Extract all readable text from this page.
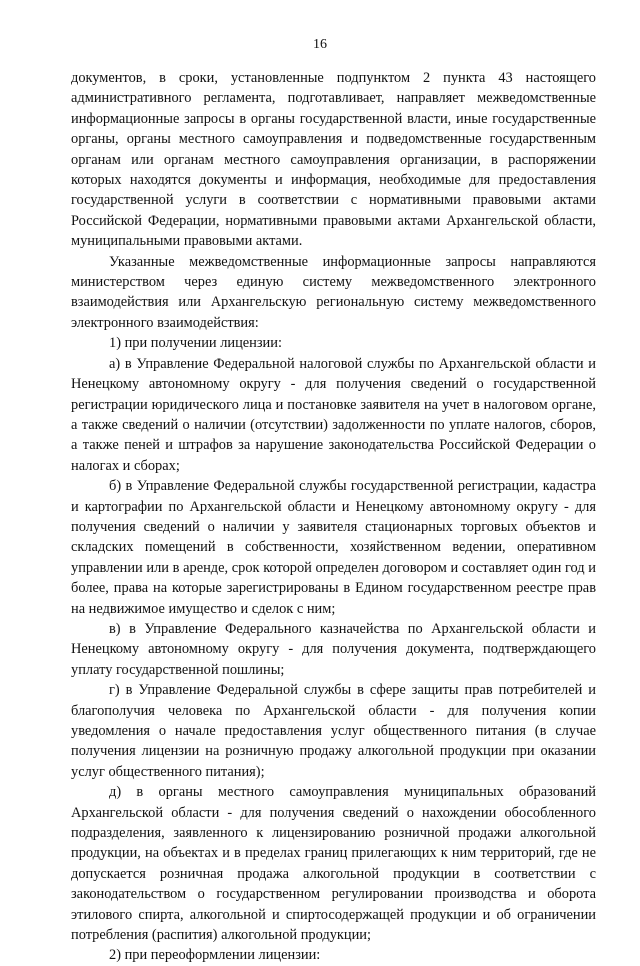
16

документов, в сроки, установленные подпунктом 2 пункта 43 настоящего административного регламента, подготавливает, направляет межведомственные информационные запросы в органы государственной власти, иные государственные органы, органы местного самоуправления и подведомственные государственным органам или органам местного самоуправления организации, в распоряжении которых находятся документы и информация, необходимые для предоставления государственной услуги в соответствии с нормативными правовыми актами Российской Федерации, нормативными правовыми актами Архангельской области, муниципальными правовыми актами.

Указанные межведомственные информационные запросы направляются министерством через единую систему межведомственного электронного взаимодействия или Архангельскую региональную систему межведомственного электронного взаимодействия:

1) при получении лицензии:

а) в Управление Федеральной налоговой службы по Архангельской области и Ненецкому автономному округу - для получения сведений о государственной регистрации юридического лица и постановке заявителя на учет в налоговом органе, а также сведений о наличии (отсутствии) задолженности по уплате налогов, сборов, а также пеней и штрафов за нарушение законодательства Российской Федерации о налогах и сборах;

б) в Управление Федеральной службы государственной регистрации, кадастра и картографии по Архангельской области и Ненецкому автономному округу - для получения сведений о наличии у заявителя стационарных торговых объектов и складских помещений в собственности, хозяйственном ведении, оперативном управлении или в аренде, срок которой определен договором и составляет один год и более, права на которые зарегистрированы в Едином государственном реестре прав на недвижимое имущество и сделок с ним;

в) в Управление Федерального казначейства по Архангельской области и Ненецкому автономному округу - для получения документа, подтверждающего уплату государственной пошлины;

г) в Управление Федеральной службы в сфере защиты прав потребителей и благополучия человека по Архангельской области - для получения копии уведомления о начале предоставления услуг общественного питания (в случае получения лицензии на розничную продажу алкогольной продукции при оказании услуг общественного питания);

д) в органы местного самоуправления муниципальных образований Архангельской области - для получения сведений о нахождении обособленного подразделения, заявленного к лицензированию розничной продажи алкогольной продукции, на объектах и в пределах границ прилегающих к ним территорий, где не допускается розничная продажа алкогольной продукции в соответствии с законодательством о государственном регулировании производства и оборота этилового спирта, алкогольной и спиртосодержащей продукции и об ограничении потребления (распития) алкогольной продукции;

2) при переоформлении лицензии:
